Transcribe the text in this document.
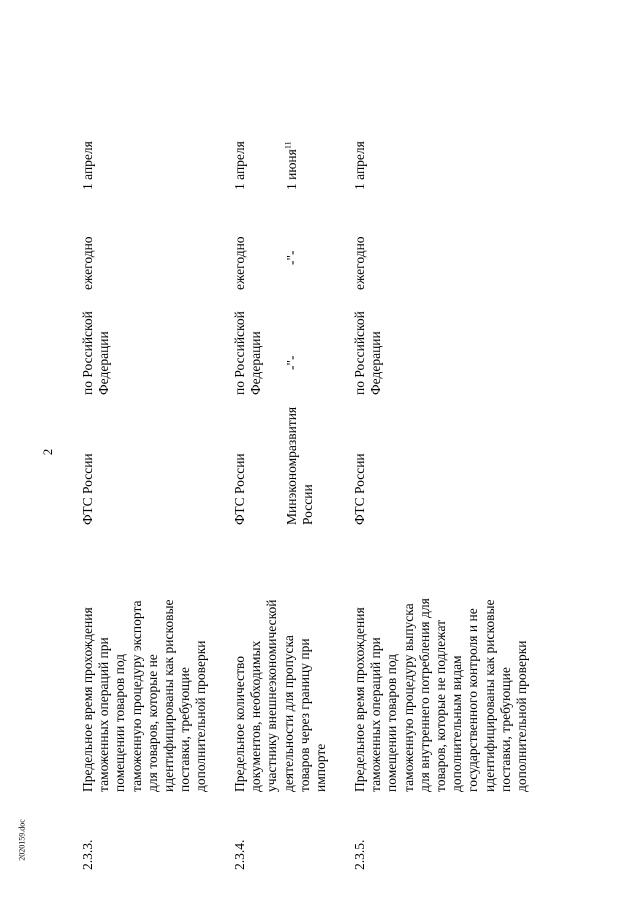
2
2020159.doc	2.3.3.
Предельное время прохождения
таможенных операций при
помещении товаров под
таможенную процедуру экспорта
для товаров, которые не
идентифицированы как рисковые
поставки, требующие
дополнительной проверки
ФТС России
по Российской
Федерации
ежегодно
1 апреля
2.3.4.
Предельное количество
документов, необходимых
участнику внешнеэкономической
деятельности для пропуска
товаров через границу при
импорте
ФТС России
по Российской
Федерации
ежегодно
1 апреля
Минэкономразвития
России
-"-
-"-
1 июня$^{11}$
2.3.5.
Предельное время прохождения
таможенных операций при
помещении товаров под
таможенную процедуру выпуска
для внутреннего потребления для
товаров, которые не подлежат
дополнительным видам
государственного контроля и не
идентифицированы как рисковые
поставки, требующие
дополнительной проверки
ФТС России
по Российской
Федерации
ежегодно
1 апреля
